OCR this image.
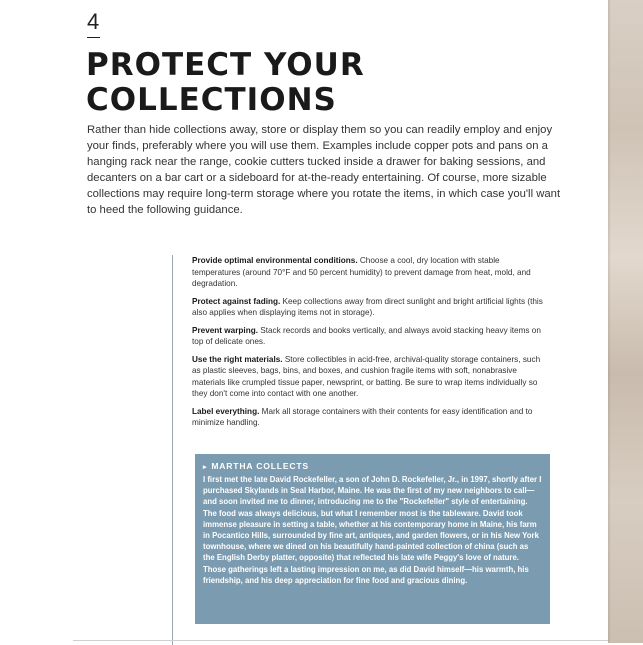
4
PROTECT YOUR COLLECTIONS

Rather than hide collections away, store or display them so you can readily employ and enjoy your finds, preferably where you will use them. Examples include copper pots and pans on a hanging rack near the range, cookie cutters tucked inside a drawer for baking sessions, and decanters on a bar cart or a sideboard for at-the-ready entertaining. Of course, more sizable collections may require long-term storage where you rotate the items, in which case you'll want to heed the following guidance.

Provide optimal environmental conditions. Choose a cool, dry location with stable temperatures (around 70°F and 50 percent humidity) to prevent damage from heat, mold, and degradation.

Protect against fading. Keep collections away from direct sunlight and bright artificial lights (this also applies when displaying items not in storage).

Prevent warping. Stack records and books vertically, and always avoid stacking heavy items on top of delicate ones.

Use the right materials. Store collectibles in acid-free, archival-quality storage containers, such as plastic sleeves, bags, bins, and boxes, and cushion fragile items with soft, nonabrasive materials like crumpled tissue paper, newsprint, or batting. Be sure to wrap items individually so they don't come into contact with one another.

Label everything. Mark all storage containers with their contents for easy identification and to minimize handling.

▸ MARTHA COLLECTS
I first met the late David Rockefeller, a son of John D. Rockefeller, Jr., in 1997, shortly after I purchased Skylands in Seal Harbor, Maine. He was the first of my new neighbors to call—and soon invited me to dinner, introducing me to the "Rockefeller" style of entertaining. The food was always delicious, but what I remember most is the tableware. David took immense pleasure in setting a table, whether at his contemporary home in Maine, his farm in Pocantico Hills, surrounded by fine art, antiques, and garden flowers, or in his New York townhouse, where we dined on his beautifully hand-painted collection of china (such as the English Derby platter, opposite) that reflected his late wife Peggy's love of nature. Those gatherings left a lasting impression on me, as did David himself—his warmth, his friendship, and his deep appreciation for fine food and gracious dining.
